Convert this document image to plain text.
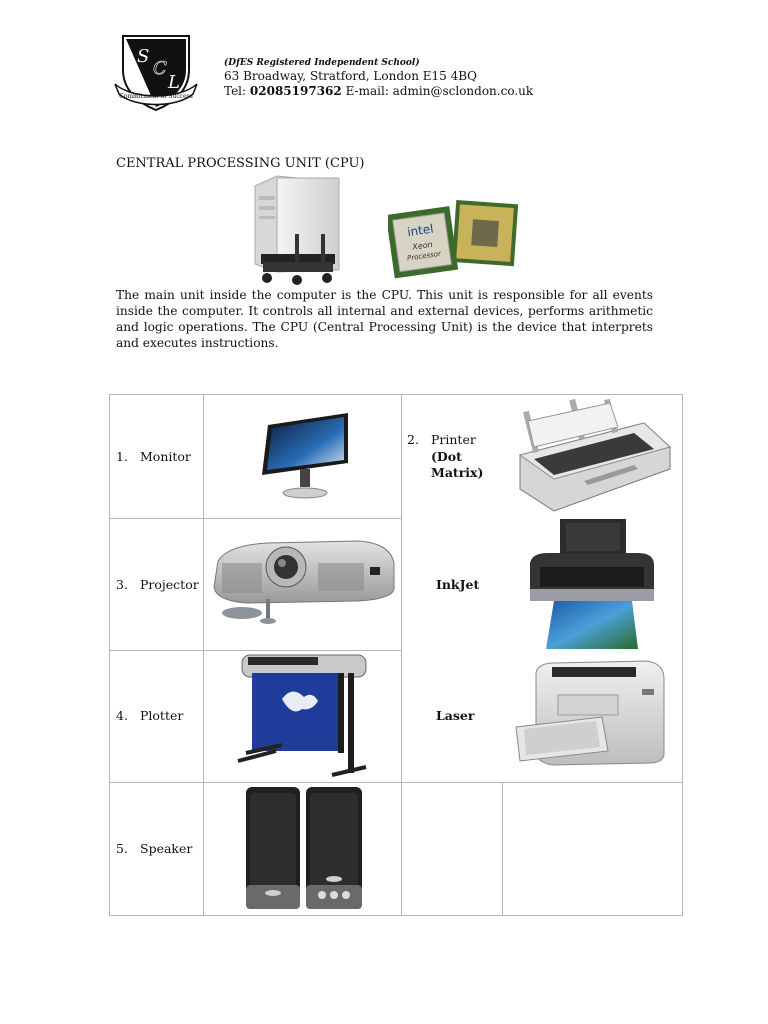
S
C
L
Commitment to Success
(DfES Registered Independent School)
63 Broadway, Stratford, London E15 4BQ
Tel: 02085197362 E-mail: admin@sclondon.co.uk
CENTRAL PROCESSING UNIT (CPU)
intel
Xeon
Processor
The main unit inside the computer is the CPU. This unit is responsible for all events inside the computer. It controls all internal and external devices, performs arithmetic and logic operations. The CPU (Central Processing Unit) is the device that interprets and executes instructions.
1. Monitor
3. Projector
4. Plotter
5. Speaker
2. Printer
(Dot Matrix)
InkJet
Laser
